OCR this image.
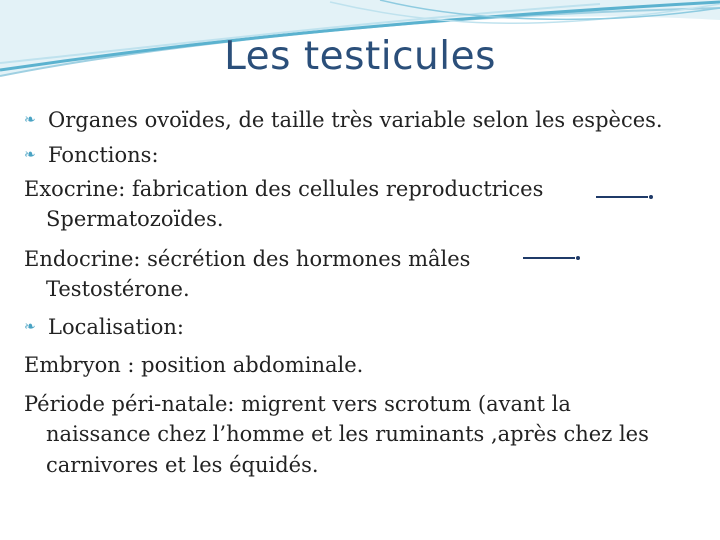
Les testicules
❧ Organes ovoïdes, de taille très variable selon les espèces.
❧ Fonctions:
Exocrine: fabrication des cellules reproductrices
Spermatozoïdes.
Endocrine: sécrétion des hormones mâles
Testostérone.
❧ Localisation:
Embryon : position abdominale.
Période péri-natale: migrent vers scrotum (avant la
naissance chez l’homme et les ruminants ,après chez les
carnivores et les équidés.
